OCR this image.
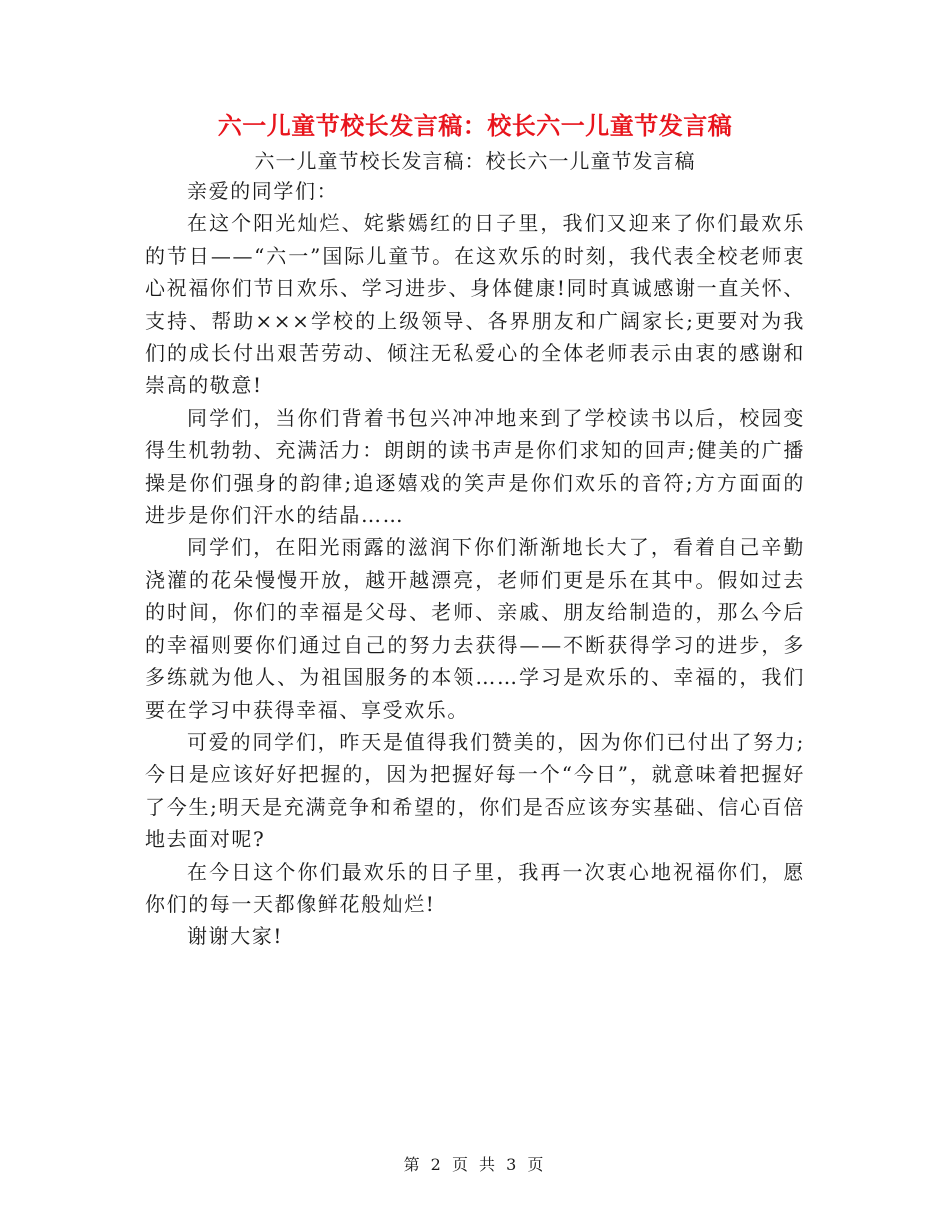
六一儿童节校长发言稿：校长六一儿童节发言稿
六一儿童节校长发言稿：校长六一儿童节发言稿

亲爱的同学们：

在这个阳光灿烂、姹紫嫣红的日子里，我们又迎来了你们最欢乐的节日——“六一”国际儿童节。在这欢乐的时刻，我代表全校老师衷心祝福你们节日欢乐、学习进步、身体健康!同时真诚感谢一直关怀、支持、帮助×××学校的上级领导、各界朋友和广阔家长;更要对为我们的成长付出艰苦劳动、倾注无私爱心的全体老师表示由衷的感谢和崇高的敬意!

同学们，当你们背着书包兴冲冲地来到了学校读书以后，校园变得生机勃勃、充满活力：朗朗的读书声是你们求知的回声;健美的广播操是你们强身的韵律;追逐嬉戏的笑声是你们欢乐的音符;方方面面的进步是你们汗水的结晶……

同学们，在阳光雨露的滋润下你们渐渐地长大了，看着自己辛勤浇灌的花朵慢慢开放，越开越漂亮，老师们更是乐在其中。假如过去的时间，你们的幸福是父母、老师、亲戚、朋友给制造的，那么今后的幸福则要你们通过自己的努力去获得——不断获得学习的进步，多多练就为他人、为祖国服务的本领……学习是欢乐的、幸福的，我们要在学习中获得幸福、享受欢乐。

可爱的同学们，昨天是值得我们赞美的，因为你们已付出了努力;今日是应该好好把握的，因为把握好每一个“今日”，就意味着把握好了今生;明天是充满竞争和希望的，你们是否应该夯实基础、信心百倍地去面对呢?

在今日这个你们最欢乐的日子里，我再一次衷心地祝福你们，愿你们的每一天都像鲜花般灿烂!

谢谢大家!

第 2 页 共 3 页
